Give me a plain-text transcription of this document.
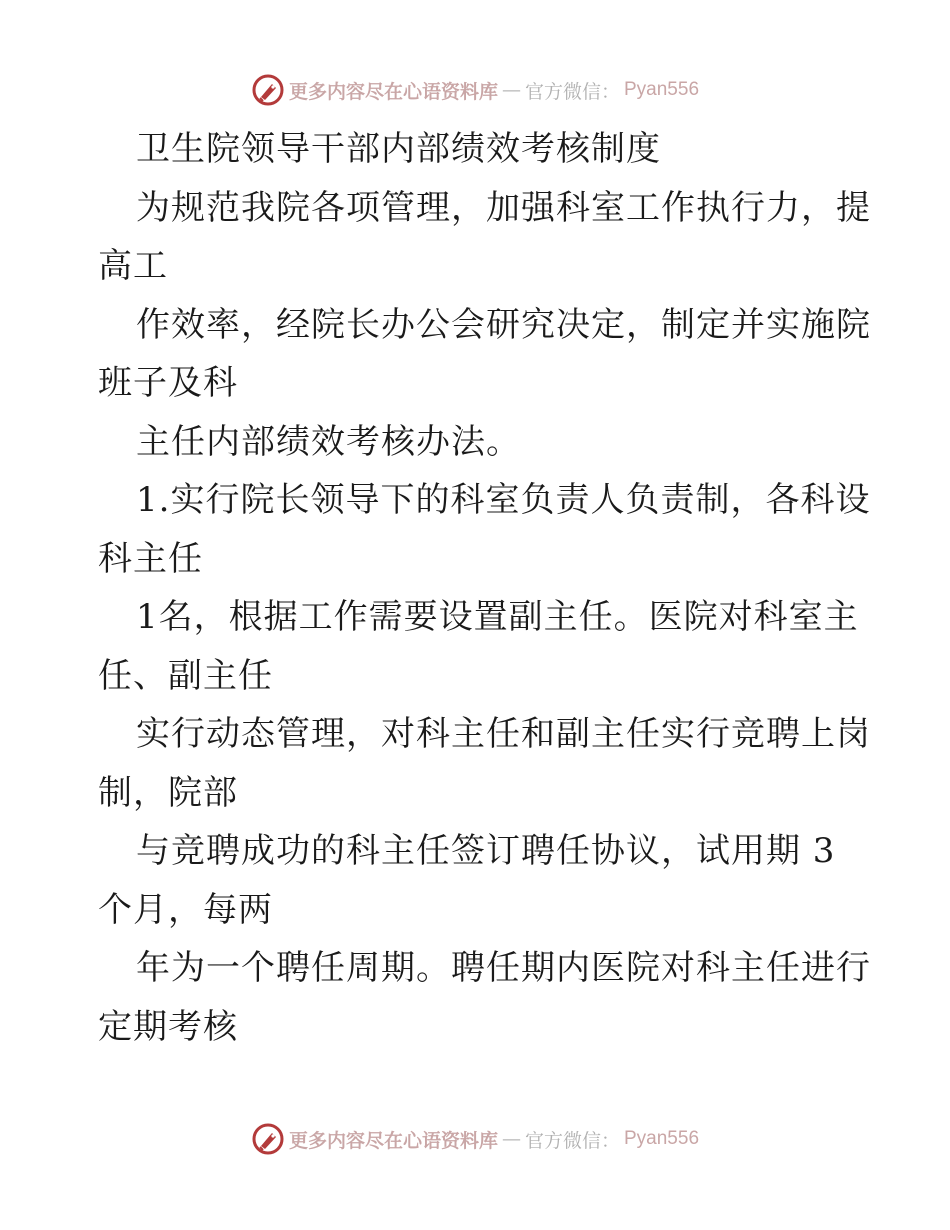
更多内容尽在心语资料库 — 官方微信： Pyan556
卫生院领导干部内部绩效考核制度
为规范我院各项管理，加强科室工作执行力，提
高工
作效率，经院长办公会研究决定，制定并实施院
班子及科
主任内部绩效考核办法。
1.实行院长领导下的科室负责人负责制，各科设
科主任
1名，根据工作需要设置副主任。医院对科室主
任、副主任
实行动态管理，对科主任和副主任实行竞聘上岗
制，院部
与竞聘成功的科主任签订聘任协议，试用期 3
个月，每两
年为一个聘任周期。聘任期内医院对科主任进行
定期考核
更多内容尽在心语资料库 — 官方微信： Pyan556
